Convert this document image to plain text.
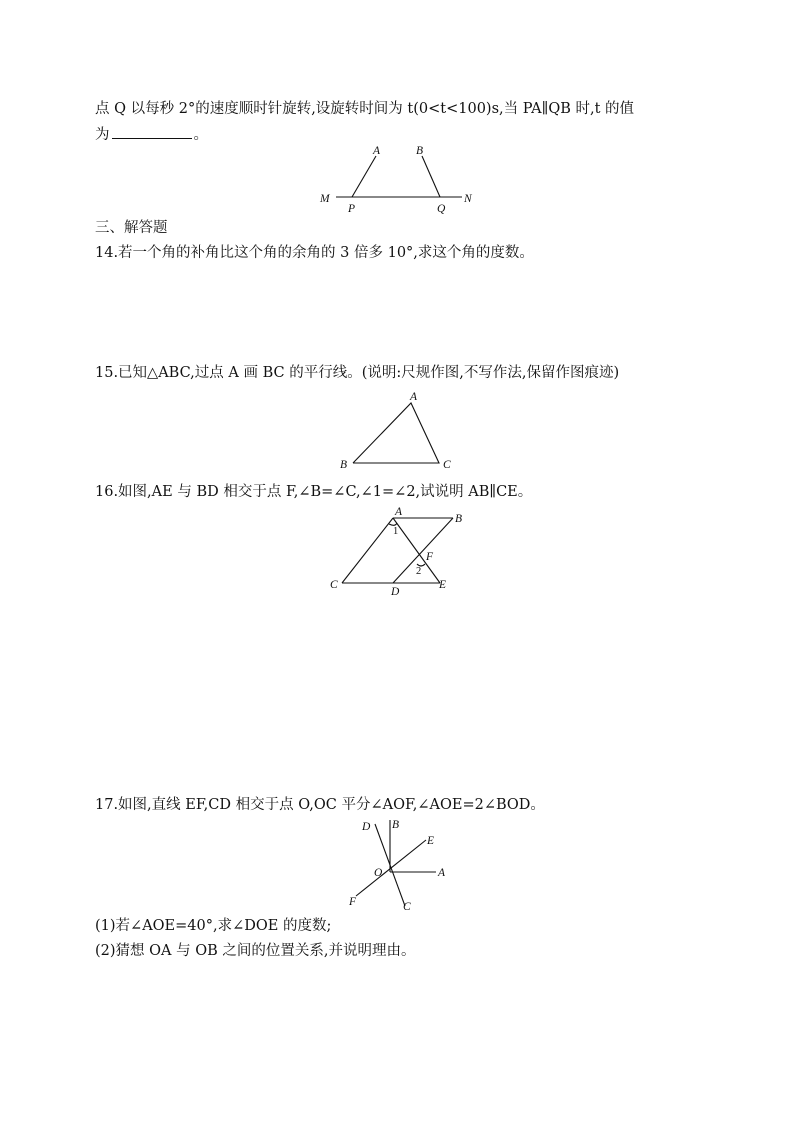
点 Q 以每秒 2°的速度顺时针旋转,设旋转时间为 t(0<t<100)s,当 PA∥QB 时,t 的值
为	。
A	B
M
P	Q
N
三、解答题
14.若一个角的补角比这个角的余角的 3 倍多 10°,求这个角的度数。
15.已知△ABC,过点 A 画 BC 的平行线。(说明:尺规作图,不写作法,保留作图痕迹)
A
B	C
16.如图,AE 与 BD 相交于点 F,∠B=∠C,∠1=∠2,试说明 AB∥CE。
A
B
C
D
E
F
1
2
17.如图,直线 EF,CD 相交于点 O,OC 平分∠AOF,∠AOE=2∠BOD。
D B
E
O	A
F	C
(1)若∠AOE=40°,求∠DOE 的度数;
(2)猜想 OA 与 OB 之间的位置关系,并说明理由。
